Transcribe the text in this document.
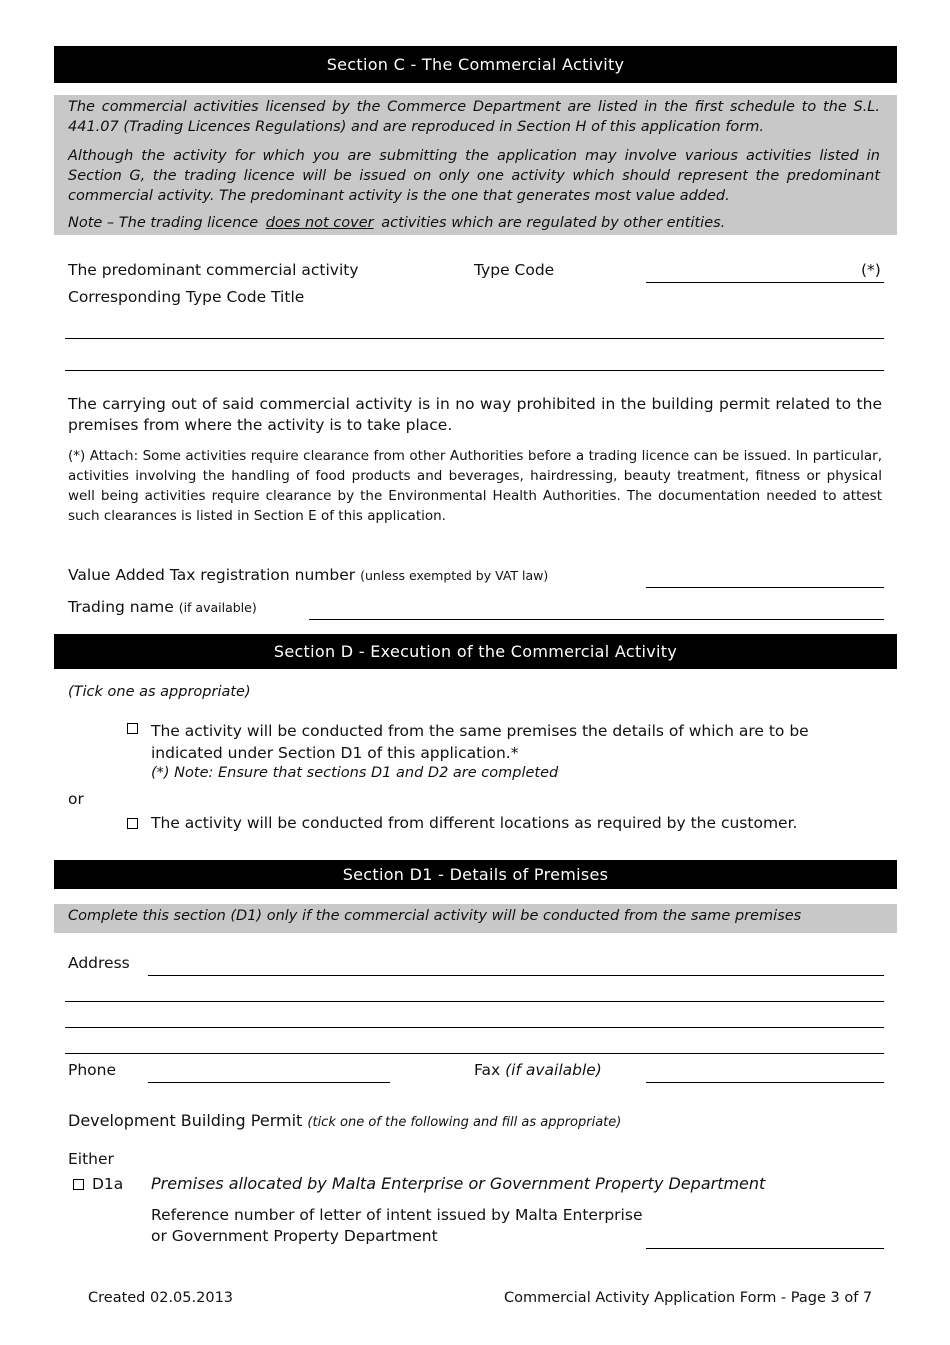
Section C - The Commercial Activity

The commercial activities licensed by the Commerce Department are listed in the first schedule to the S.L. 441.07 (Trading Licences Regulations) and are reproduced in Section H of this application form.

Although the activity for which you are submitting the application may involve various activities listed in Section G, the trading licence will be issued on only one activity which should represent the predominant commercial activity. The predominant activity is the one that generates most value added.

Note – The trading licence does not cover activities which are regulated by other entities.

The predominant commercial activity	Type Code	(*)
Corresponding Type Code Title

The carrying out of said commercial activity is in no way prohibited in the building permit related to the premises from where the activity is to take place.

(*) Attach: Some activities require clearance from other Authorities before a trading licence can be issued. In particular, activities involving the handling of food products and beverages, hairdressing, beauty treatment, fitness or physical well being activities require clearance by the Environmental Health Authorities. The documentation needed to attest such clearances is listed in Section E of this application.

Value Added Tax registration number (unless exempted by VAT law)
Trading name (if available)
Section D - Execution of the Commercial Activity
(Tick one as appropriate)

The activity will be conducted from the same premises the details of which are to be indicated under Section D1 of this application.*

(*) Note: Ensure that sections D1 and D2 are completed
or
The activity will be conducted from different locations as required by the customer.
Section D1 - Details of Premises

Complete this section (D1) only if the commercial activity will be conducted from the same premises

Address
Phone	Fax (if available)
Development Building Permit (tick one of the following and fill as appropriate)
Either
D1a Premises allocated by Malta Enterprise or Government Property Department
Reference number of letter of intent issued by Malta Enterprise
or Government Property Department
Created 02.05.2013	Commercial Activity Application Form - Page 3 of 7
